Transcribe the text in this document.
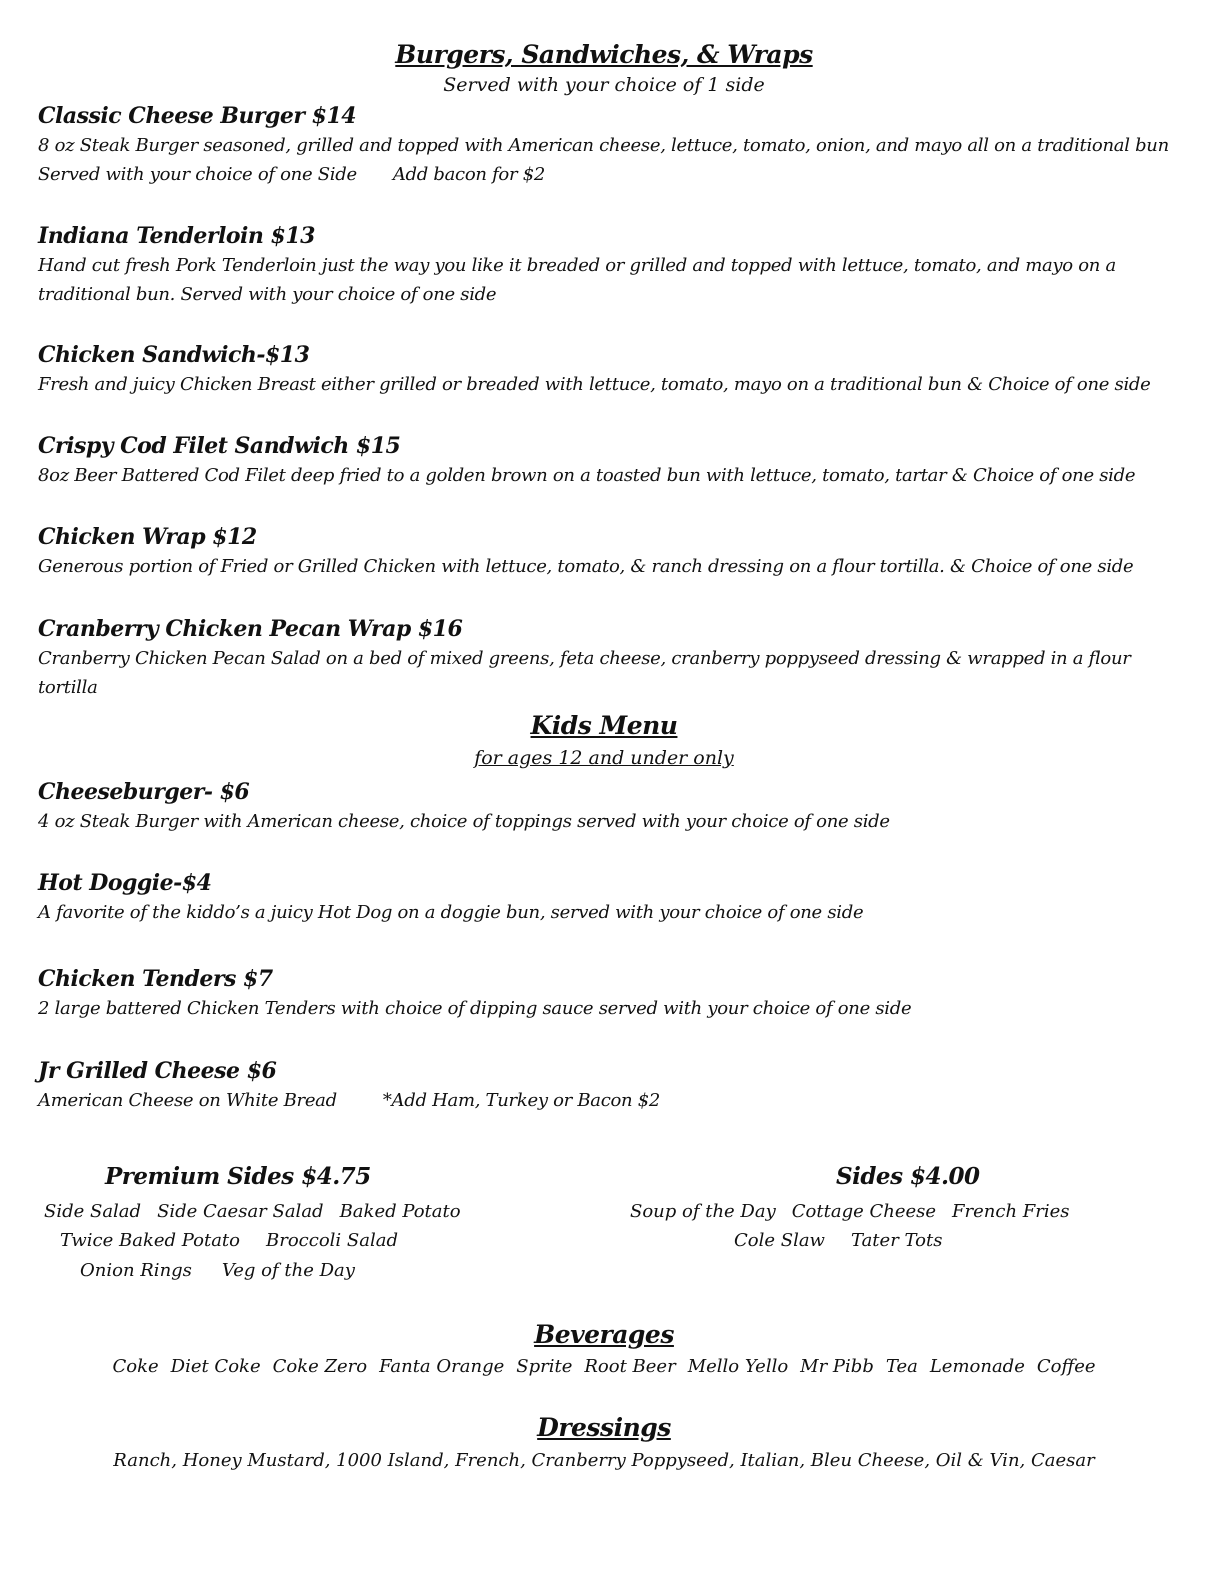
Burgers, Sandwiches, & Wraps
Served with your choice of 1 side
Classic Cheese Burger $14
8 oz Steak Burger seasoned, grilled and topped with American cheese, lettuce, tomato, onion, and mayo all on a traditional bun Served with your choice of one Side Add bacon for $2
Indiana Tenderloin $13
Hand cut fresh Pork Tenderloin just the way you like it breaded or grilled and topped with lettuce, tomato, and mayo on a traditional bun. Served with your choice of one side
Chicken Sandwich-$13
Fresh and juicy Chicken Breast either grilled or breaded with lettuce, tomato, mayo on a traditional bun & Choice of one side
Crispy Cod Filet Sandwich $15
8oz Beer Battered Cod Filet deep fried to a golden brown on a toasted bun with lettuce, tomato, tartar & Choice of one side
Chicken Wrap $12
Generous portion of Fried or Grilled Chicken with lettuce, tomato, & ranch dressing on a flour tortilla. & Choice of one side
Cranberry Chicken Pecan Wrap $16
Cranberry Chicken Pecan Salad on a bed of mixed greens, feta cheese, cranberry poppyseed dressing & wrapped in a flour tortilla
Kids Menu
for ages 12 and under only
Cheeseburger- $6
4 oz Steak Burger with American cheese, choice of toppings served with your choice of one side
Hot Doggie-$4
A favorite of the kiddo’s a juicy Hot Dog on a doggie bun, served with your choice of one side
Chicken Tenders $7
2 large battered Chicken Tenders with choice of dipping sauce served with your choice of one side
Jr Grilled Cheese $6
American Cheese on White Bread	*Add Ham, Turkey or Bacon $2
Premium Sides $4.75
Side Salad Side Caesar Salad Baked Potato
Twice Baked Potato Broccoli Salad
Onion Rings Veg of the Day
Sides $4.00
Soup of the Day Cottage Cheese French Fries
Cole Slaw Tater Tots
Beverages
Coke Diet Coke Coke Zero Fanta Orange Sprite Root Beer Mello Yello Mr Pibb Tea Lemonade Coffee
Dressings
Ranch, Honey Mustard, 1000 Island, French, Cranberry Poppyseed, Italian, Bleu Cheese, Oil & Vin, Caesar
